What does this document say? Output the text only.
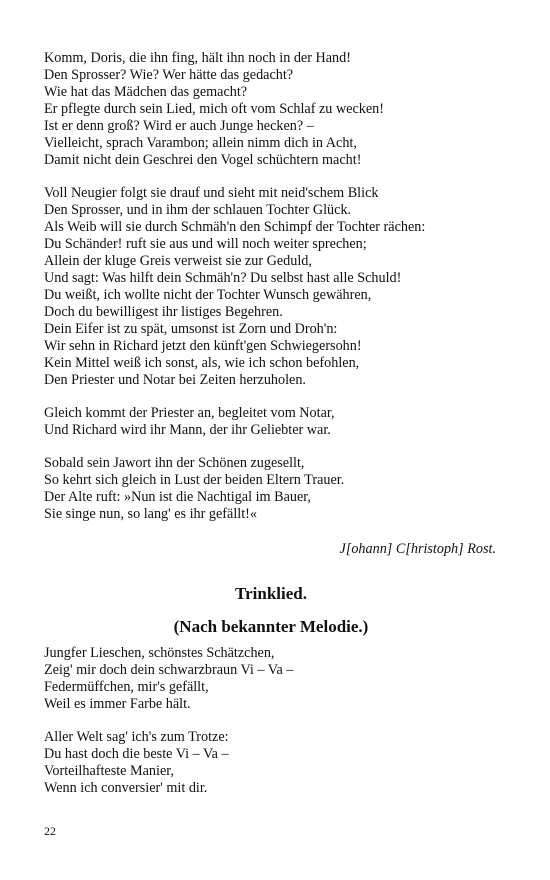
Komm, Doris, die ihn fing, hält ihn noch in der Hand!
Den Sprosser? Wie? Wer hätte das gedacht?
Wie hat das Mädchen das gemacht?
Er pflegte durch sein Lied, mich oft vom Schlaf zu wecken!
Ist er denn groß? Wird er auch Junge hecken? –
Vielleicht, sprach Varambon; allein nimm dich in Acht,
Damit nicht dein Geschrei den Vogel schüchtern macht!
Voll Neugier folgt sie drauf und sieht mit neid'schem Blick
Den Sprosser, und in ihm der schlauen Tochter Glück.
Als Weib will sie durch Schmäh'n den Schimpf der Tochter rächen:
Du Schänder! ruft sie aus und will noch weiter sprechen;
Allein der kluge Greis verweist sie zur Geduld,
Und sagt: Was hilft dein Schmäh'n? Du selbst hast alle Schuld!
Du weißt, ich wollte nicht der Tochter Wunsch gewähren,
Doch du bewilligest ihr listiges Begehren.
Dein Eifer ist zu spät, umsonst ist Zorn und Droh'n:
Wir sehn in Richard jetzt den künft'gen Schwiegersohn!
Kein Mittel weiß ich sonst, als, wie ich schon befohlen,
Den Priester und Notar bei Zeiten herzuholen.
Gleich kommt der Priester an, begleitet vom Notar,
Und Richard wird ihr Mann, der ihr Geliebter war.
Sobald sein Jawort ihn der Schönen zugesellt,
So kehrt sich gleich in Lust der beiden Eltern Trauer.
Der Alte ruft: »Nun ist die Nachtigal im Bauer,
Sie singe nun, so lang' es ihr gefällt!«
J[ohann] C[hristoph] Rost.
Trinklied.
(Nach bekannter Melodie.)
Jungfer Lieschen, schönstes Schätzchen,
Zeig' mir doch dein schwarzbraun Vi – Va –
Federmüffchen, mir's gefällt,
Weil es immer Farbe hält.
Aller Welt sag' ich's zum Trotze:
Du hast doch die beste Vi – Va –
Vorteilhafteste Manier,
Wenn ich conversier' mit dir.
22
